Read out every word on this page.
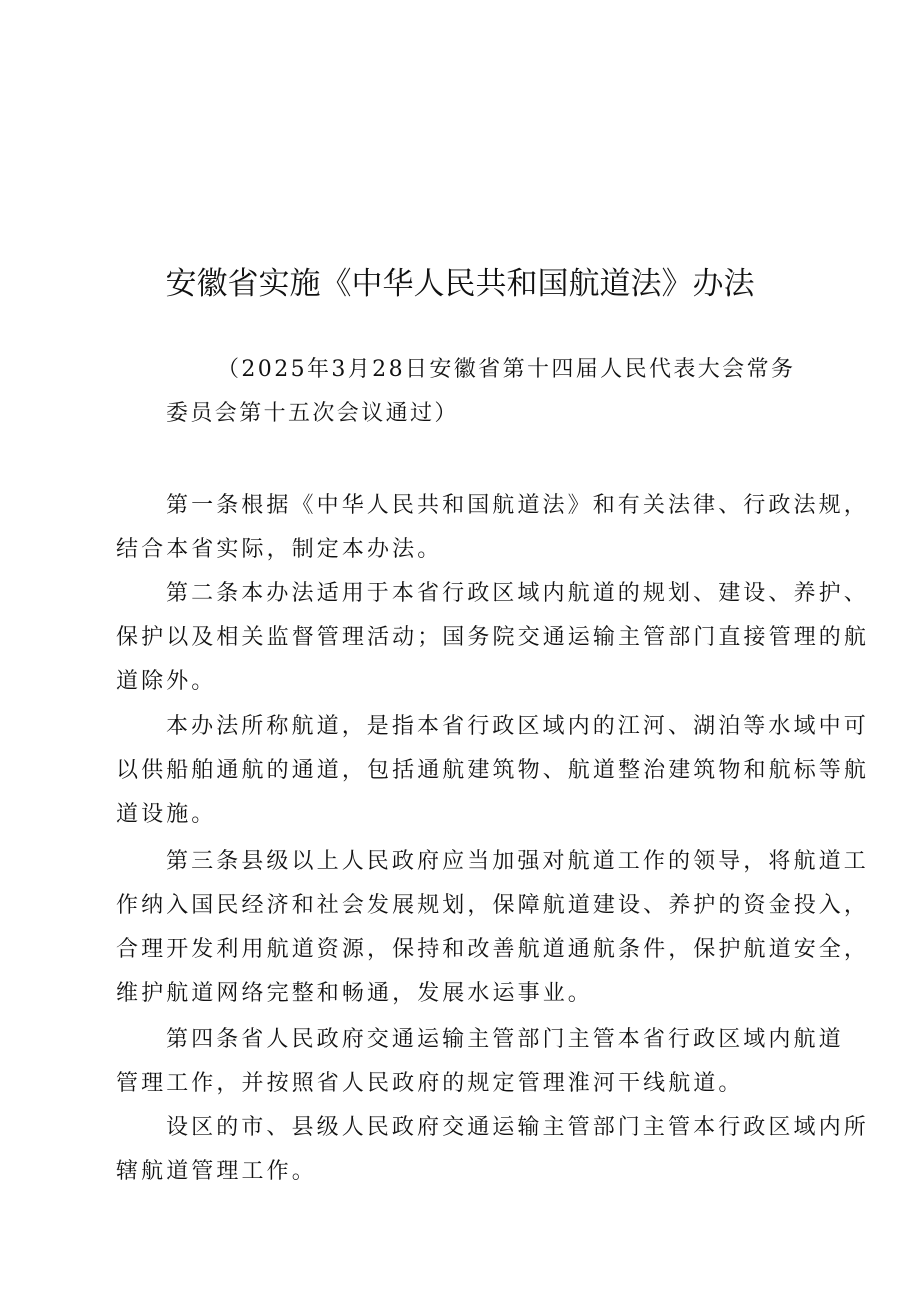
安徽省实施《中华人民共和国航道法》办法
（2025年3月28日安徽省第十四届人民代表大会常务
委员会第十五次会议通过）
第一条根据《中华人民共和国航道法》和有关法律、行政法规，
结合本省实际，制定本办法。
第二条本办法适用于本省行政区域内航道的规划、建设、养护、
保护以及相关监督管理活动；国务院交通运输主管部门直接管理的航
道除外。
本办法所称航道，是指本省行政区域内的江河、湖泊等水域中可
以供船舶通航的通道，包括通航建筑物、航道整治建筑物和航标等航
道设施。
第三条县级以上人民政府应当加强对航道工作的领导，将航道工
作纳入国民经济和社会发展规划，保障航道建设、养护的资金投入，
合理开发利用航道资源，保持和改善航道通航条件，保护航道安全，
维护航道网络完整和畅通，发展水运事业。
第四条省人民政府交通运输主管部门主管本省行政区域内航道
管理工作，并按照省人民政府的规定管理淮河干线航道。
设区的市、县级人民政府交通运输主管部门主管本行政区域内所
辖航道管理工作。
